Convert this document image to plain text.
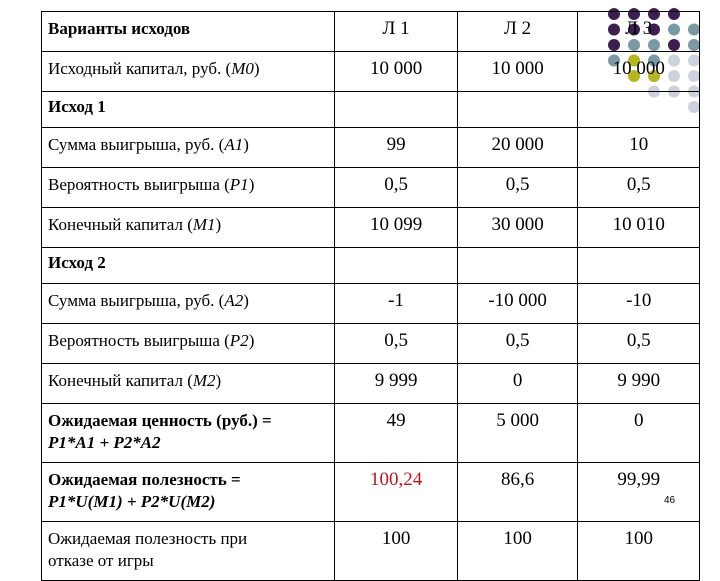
Варианты исходов	Л 1	Л 2	Л 3
Исходный капитал, руб. (M0)	10 000	10 000	10 000
Исход 1			
Сумма выигрыша, руб. (A1)	99	20 000	10
Вероятность выигрыша (P1)	0,5	0,5	0,5
Конечный капитал (M1)	10 099	30 000	10 010
Исход 2			
Сумма выигрыша, руб. (A2)	-1	-10 000	-10
Вероятность выигрыша (P2)	0,5	0,5	0,5
Конечный капитал (M2)	9 999	0	9 990
Ожидаемая ценность (руб.) =
P1*A1 + P2*A2	49	5 000	0
Ожидаемая полезность =
P1*U(M1) + P2*U(M2)	100,24	86,6	99,99
Ожидаемая полезность при
отказе от игры	100	100	100
46
